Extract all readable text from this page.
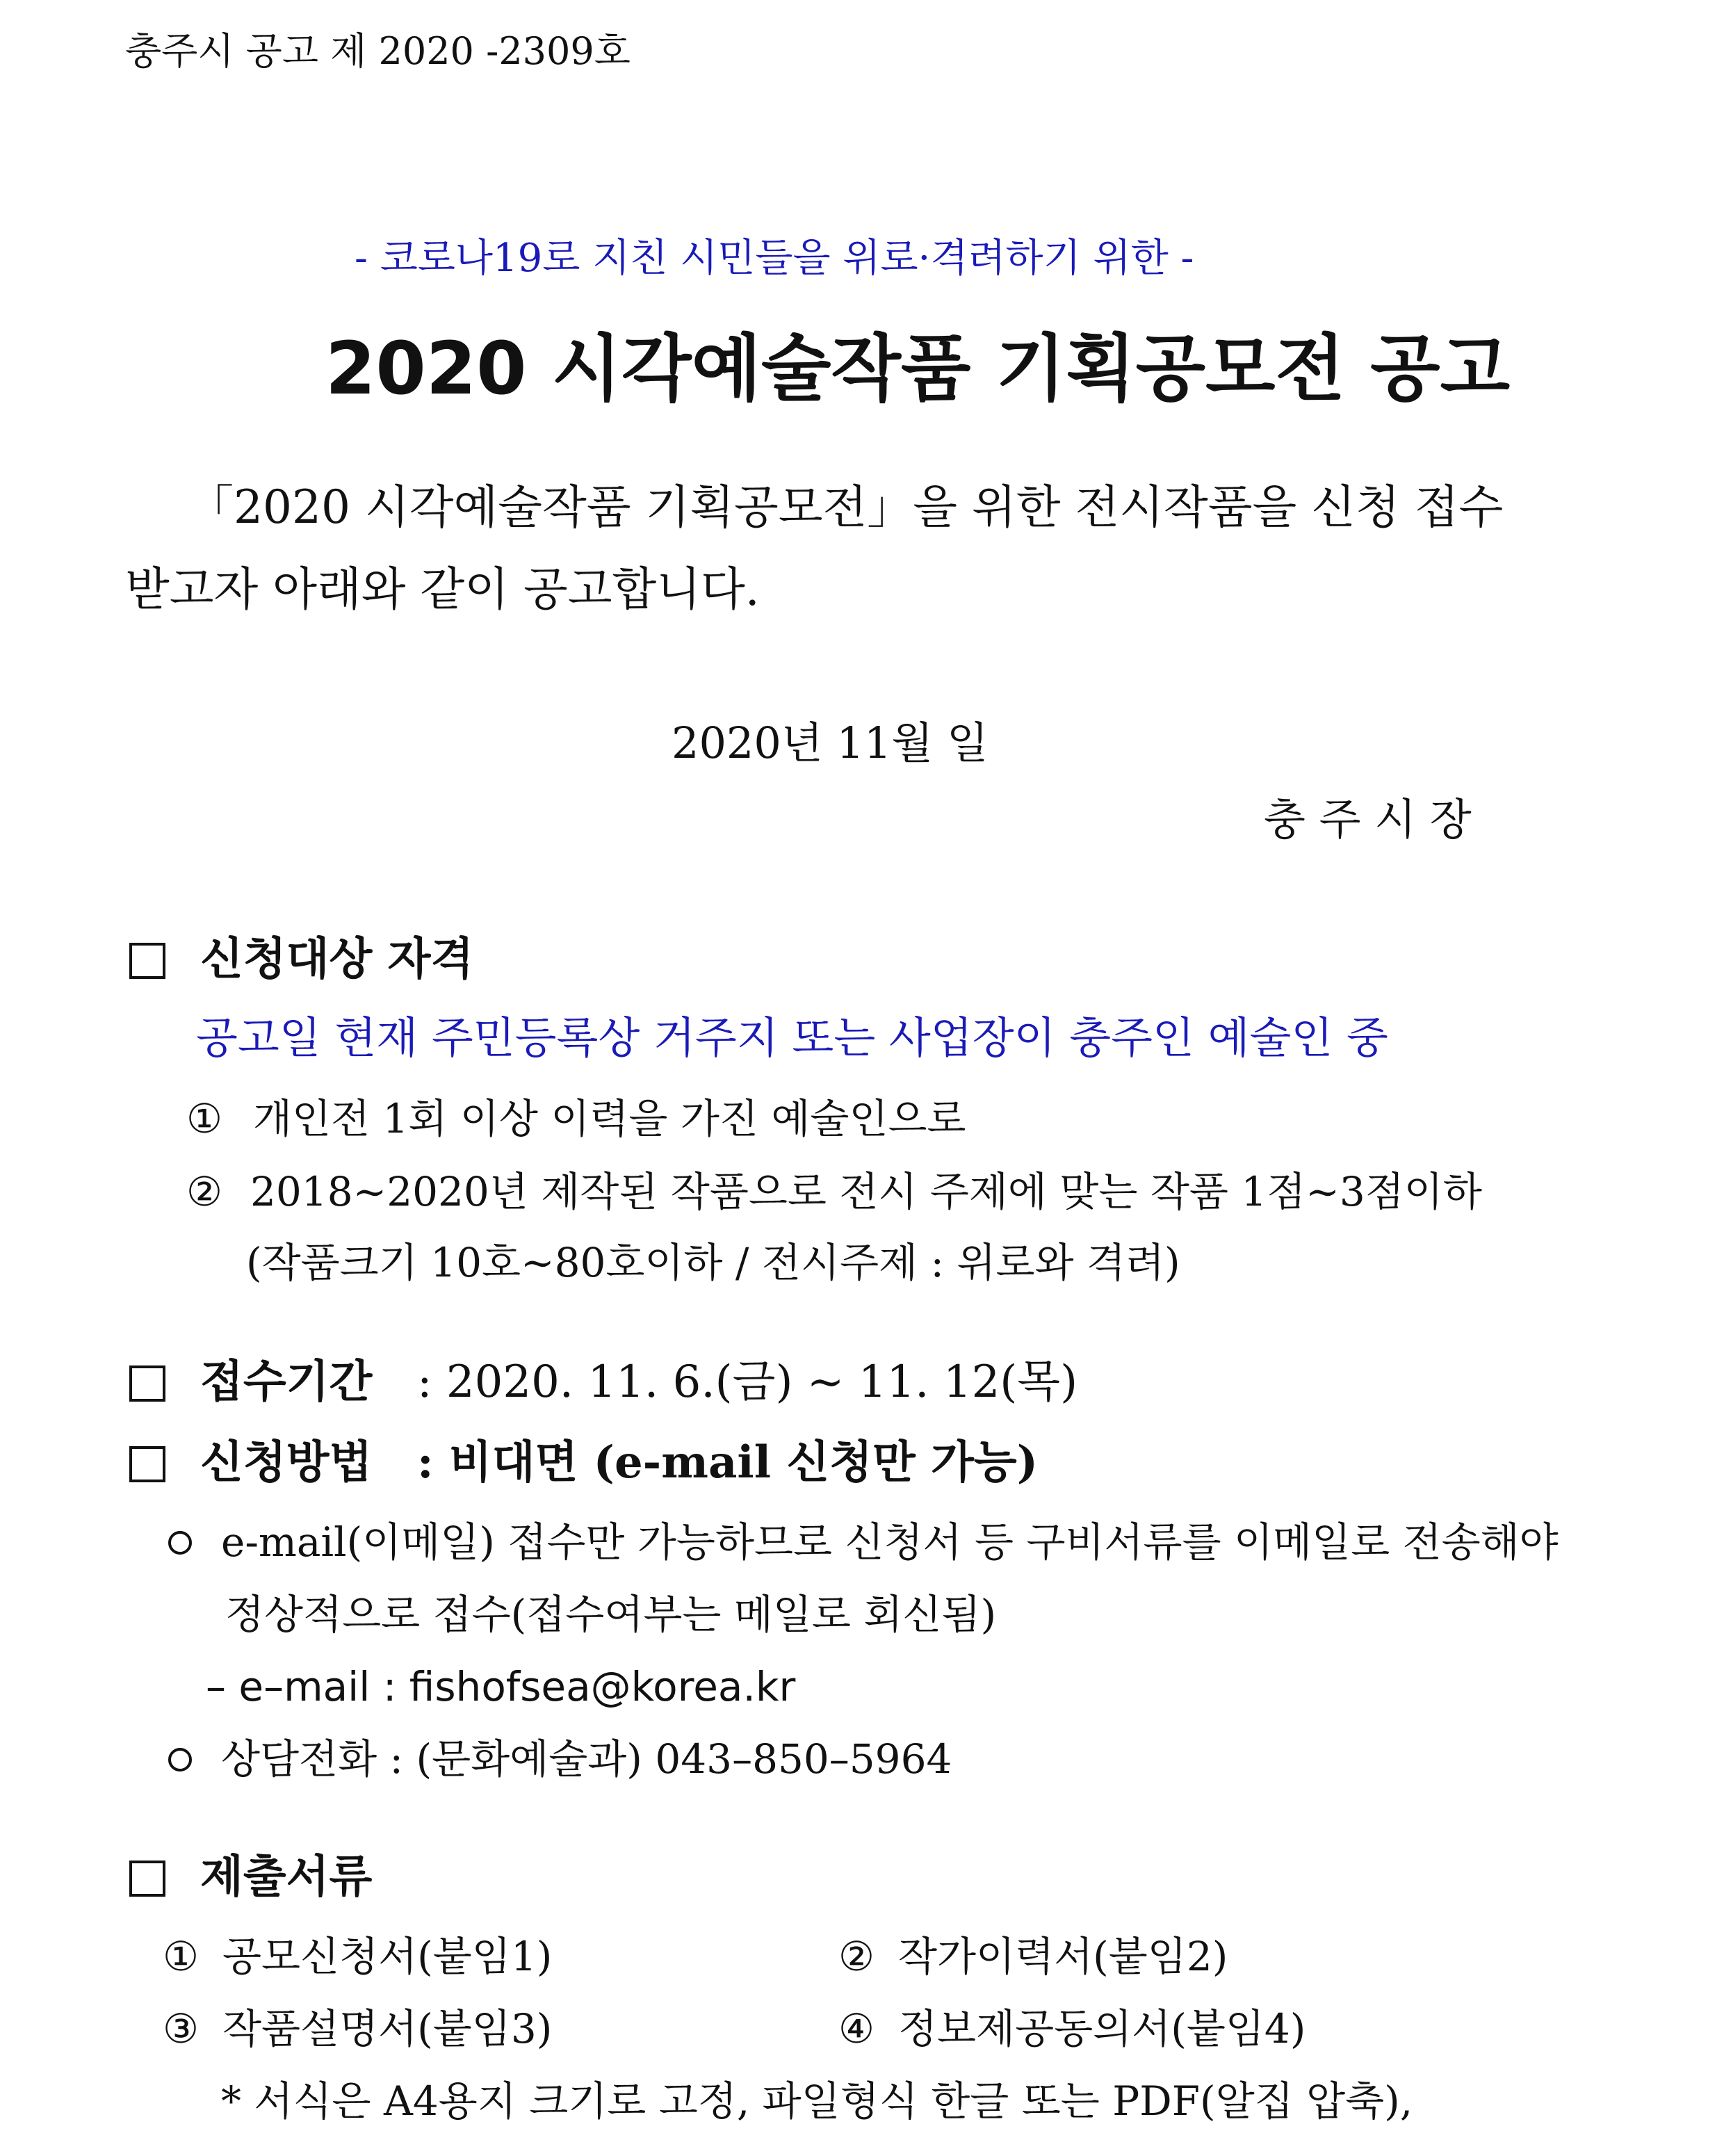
충주시 공고 제 2020 -2309호
- 코로나19로 지친 시민들을 위로·격려하기 위한 -
2020 시각예술작품 기획공모전 공고
「2020 시각예술작품 기획공모전」을 위한 전시작품을 신청 접수
받고자 아래와 같이 공고합니다.
2020년 11월 일
충 주 시 장
신청대상 자격
공고일 현재 주민등록상 거주지 또는 사업장이 충주인 예술인 중
① 개인전 1회 이상 이력을 가진 예술인으로
② 2018∼2020년 제작된 작품으로 전시 주제에 맞는 작품 1점∼3점이하
(작품크기 10호∼80호이하 / 전시주제 : 위로와 격려)
접수기간 : 2020. 11. 6.(금) ~ 11. 12(목)
신청방법 : 비대면 (e-mail 신청만 가능)
e-mail(이메일) 접수만 가능하므로 신청서 등 구비서류를 이메일로 전송해야
정상적으로 접수(접수여부는 메일로 회신됨)
– e–mail : fishofsea@korea.kr
상담전화 : (문화예술과) 043–850–5964
제출서류
① 공모신청서(붙임1)	② 작가이력서(붙임2)
③ 작품설명서(붙임3)	④ 정보제공동의서(붙임4)
* 서식은 A4용지 크기로 고정, 파일형식 한글 또는 PDF(알집 압축),
